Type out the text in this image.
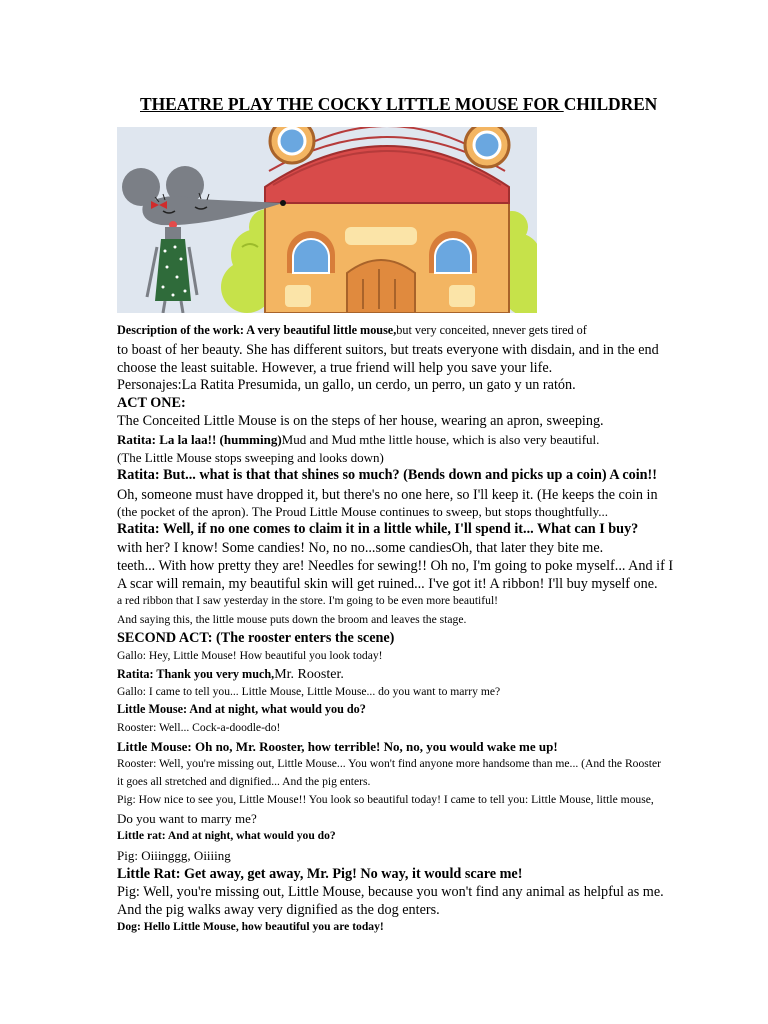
THEATRE PLAY THE COCKY LITTLE MOUSE FOR CHILDREN
Description of the work: A very beautiful little mouse,but very conceited, nnever gets tired of
to boast of her beauty. She has different suitors, but treats everyone with disdain, and in the end
choose the least suitable. However, a true friend will help you save your life.
Personajes:La Ratita Presumida, un gallo, un cerdo, un perro, un gato y un ratón.
ACT ONE:
The Conceited Little Mouse is on the steps of her house, wearing an apron, sweeping.
Ratita: La la laa!! (humming)Mud and Mud mthe little house, which is also very beautiful.
(The Little Mouse stops sweeping and looks down)
Ratita: But... what is that that shines so much? (Bends down and picks up a coin) A coin!!
Oh, someone must have dropped it, but there's no one here, so I'll keep it. (He keeps the coin in
(the pocket of the apron). The Proud Little Mouse continues to sweep, but stops thoughtfully...
Ratita: Well, if no one comes to claim it in a little while, I'll spend it... What can I buy?
with her? I know! Some candies! No, no no...some candiesOh, that later they bite me.
teeth... With how pretty they are! Needles for sewing!! Oh no, I'm going to poke myself... And if I
A scar will remain, my beautiful skin will get ruined... I've got it! A ribbon! I'll buy myself one.
a red ribbon that I saw yesterday in the store. I'm going to be even more beautiful!
And saying this, the little mouse puts down the broom and leaves the stage.
SECOND ACT: (The rooster enters the scene)
Gallo: Hey, Little Mouse! How beautiful you look today!
Ratita: Thank you very much,Mr. Rooster.
Gallo: I came to tell you... Little Mouse, Little Mouse... do you want to marry me?
Little Mouse: And at night, what would you do?
Rooster: Well... Cock-a-doodle-do!
Little Mouse: Oh no, Mr. Rooster, how terrible! No, no, you would wake me up!
Rooster: Well, you're missing out, Little Mouse... You won't find anyone more handsome than me... (And the Rooster
it goes all stretched and dignified... And the pig enters.
Pig: How nice to see you, Little Mouse!! You look so beautiful today! I came to tell you: Little Mouse, little mouse,
Do you want to marry me?
Little rat: And at night, what would you do?
Pig: Oiiinggg, Oiiiing
Little Rat: Get away, get away, Mr. Pig! No way, it would scare me!
Pig: Well, you're missing out, Little Mouse, because you won't find any animal as helpful as me.
And the pig walks away very dignified as the dog enters.
Dog: Hello Little Mouse, how beautiful you are today!
